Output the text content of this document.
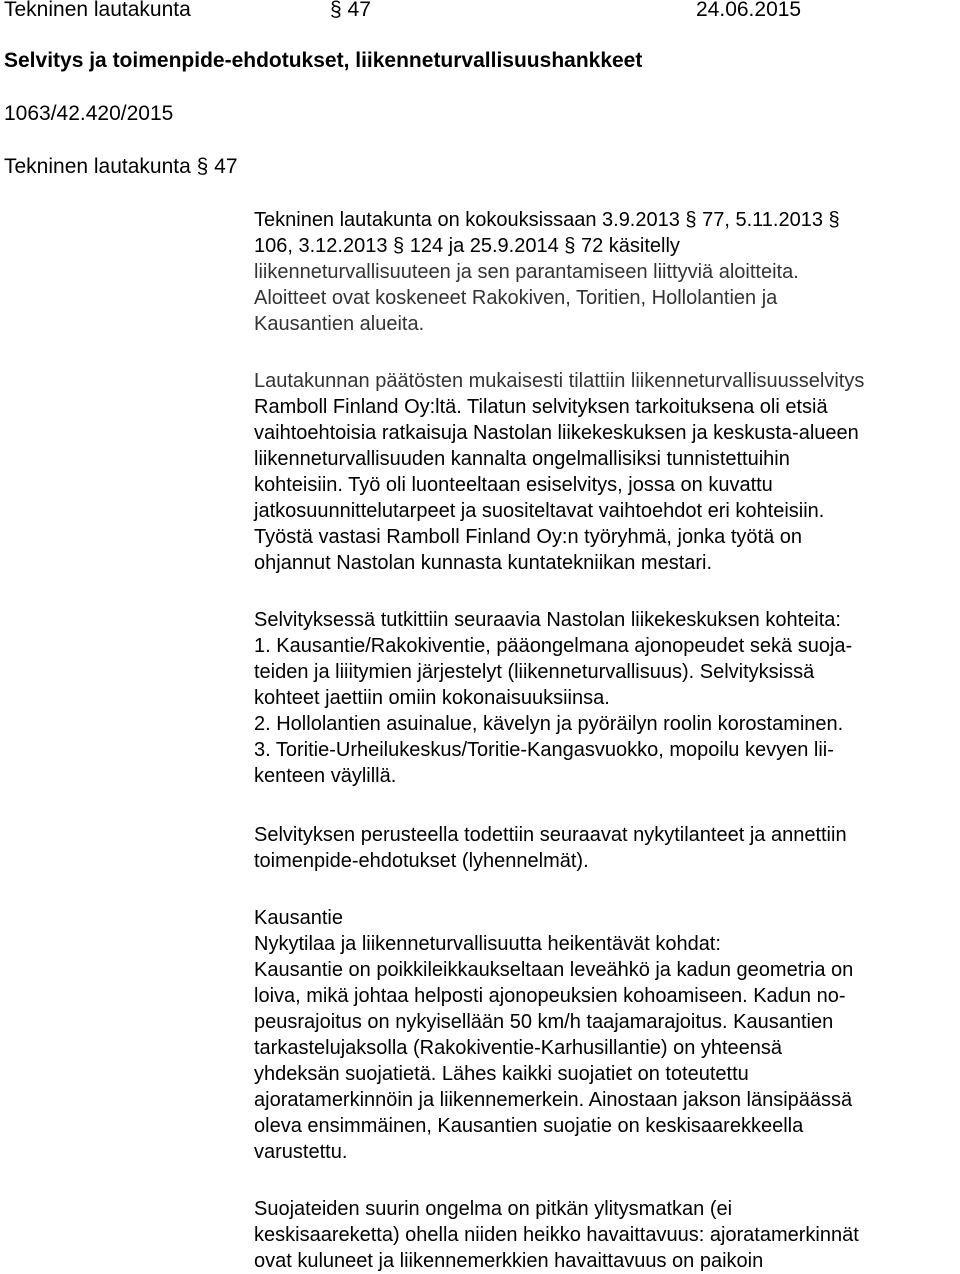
Tekninen lautakunta	§ 47	24.06.2015
Selvitys ja toimenpide-ehdotukset, liikenneturvallisuushankkeet
1063/42.420/2015
Tekninen lautakunta § 47
Tekninen lautakunta on kokouksissaan 3.9.2013 § 77, 5.11.2013 §
106, 3.12.2013 § 124 ja 25.9.2014 § 72 käsitelly
liikenneturvallisuuteen ja sen parantamiseen liittyviä aloitteita.
Aloitteet ovat koskeneet Rakokiven, Toritien, Hollolantien ja
Kausantien alueita.
Lautakunnan päätösten mukaisesti tilattiin liikenneturvallisuusselvitys
Ramboll Finland Oy:ltä. Tilatun selvityksen tarkoituksena oli etsiä
vaihtoehtoisia ratkaisuja Nastolan liikekeskuksen ja keskusta-alueen
liikenneturvallisuuden kannalta ongelmallisiksi tunnistettuihin
kohteisiin. Työ oli luonteeltaan esiselvitys, jossa on kuvattu
jatkosuunnittelutarpeet ja suositeltavat vaihtoehdot eri kohteisiin.
Työstä vastasi Ramboll Finland Oy:n työryhmä, jonka työtä on
ohjannut Nastolan kunnasta kuntatekniikan mestari.
Selvityksessä tutkittiin seuraavia Nastolan liikekeskuksen kohteita:
1. Kausantie/Rakokiventie, pääongelmana ajonopeudet sekä suoja-
teiden ja liiitymien järjestelyt (liikenneturvallisuus). Selvityksissä
kohteet jaettiin omiin kokonaisuuksiinsa.
2. Hollolantien asuinalue, kävelyn ja pyöräilyn roolin korostaminen.
3. Toritie-Urheilukeskus/Toritie-Kangasvuokko, mopoilu kevyen lii-
kenteen väylillä.
Selvityksen perusteella todettiin seuraavat nykytilanteet ja annettiin
toimenpide-ehdotukset (lyhennelmät).
Kausantie
Nykytilaa ja liikenneturvallisuutta heikentävät kohdat:
Kausantie on poikkileikkaukseltaan leveähkö ja kadun geometria on
loiva, mikä johtaa helposti ajonopeuksien kohoamiseen. Kadun no-
peusrajoitus on nykyisellään 50 km/h taajamarajoitus. Kausantien
tarkastelujaksolla (Rakokiventie-Karhusillantie) on yhteensä
yhdeksän suojatietä. Lähes kaikki suojatiet on toteutettu
ajoratamerkinnöin ja liikennemerkein. Ainostaan jakson länsipäässä
oleva ensimmäinen, Kausantien suojatie on keskisaarekkeella
varustettu.
Suojateiden suurin ongelma on pitkän ylitysmatkan (ei
keskisaareketta) ohella niiden heikko havaittavuus: ajoratamerkinnät
ovat kuluneet ja liikennemerkkien havaittavuus on paikoin
